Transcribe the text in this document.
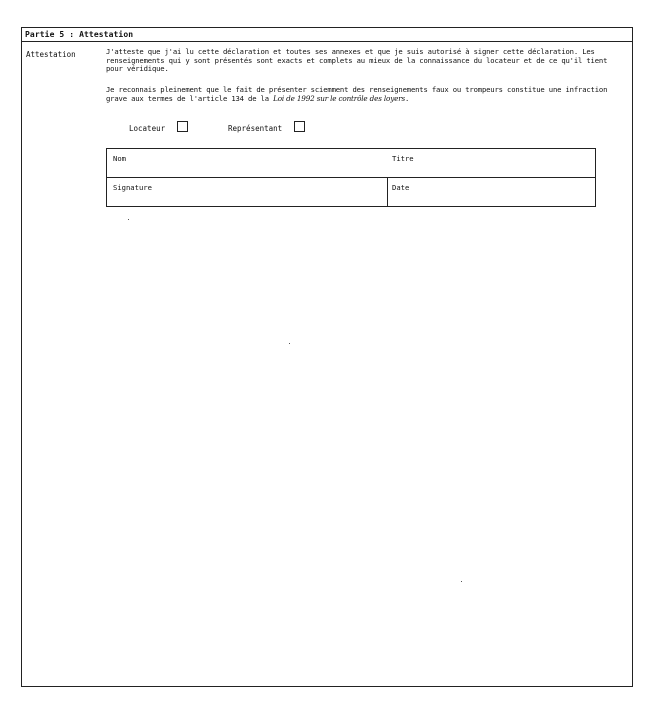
Partie 5 : Attestation
Attestation	J'atteste que j'ai lu cette déclaration et toutes ses annexes et que je suis autorisé à signer cette déclaration. Les renseignements qui y sont présentés sont exacts et complets au mieux de la connaissance du locateur et de ce qu'il tient pour véridique.
Je reconnais pleinement que le fait de présenter sciemment des renseignements faux ou trompeurs constitue une infraction grave aux termes de l'article 134 de la Loi de 1992 sur le contrôle des loyers.
Locateur	Représentant
Nom	Titre
Signature	Date
